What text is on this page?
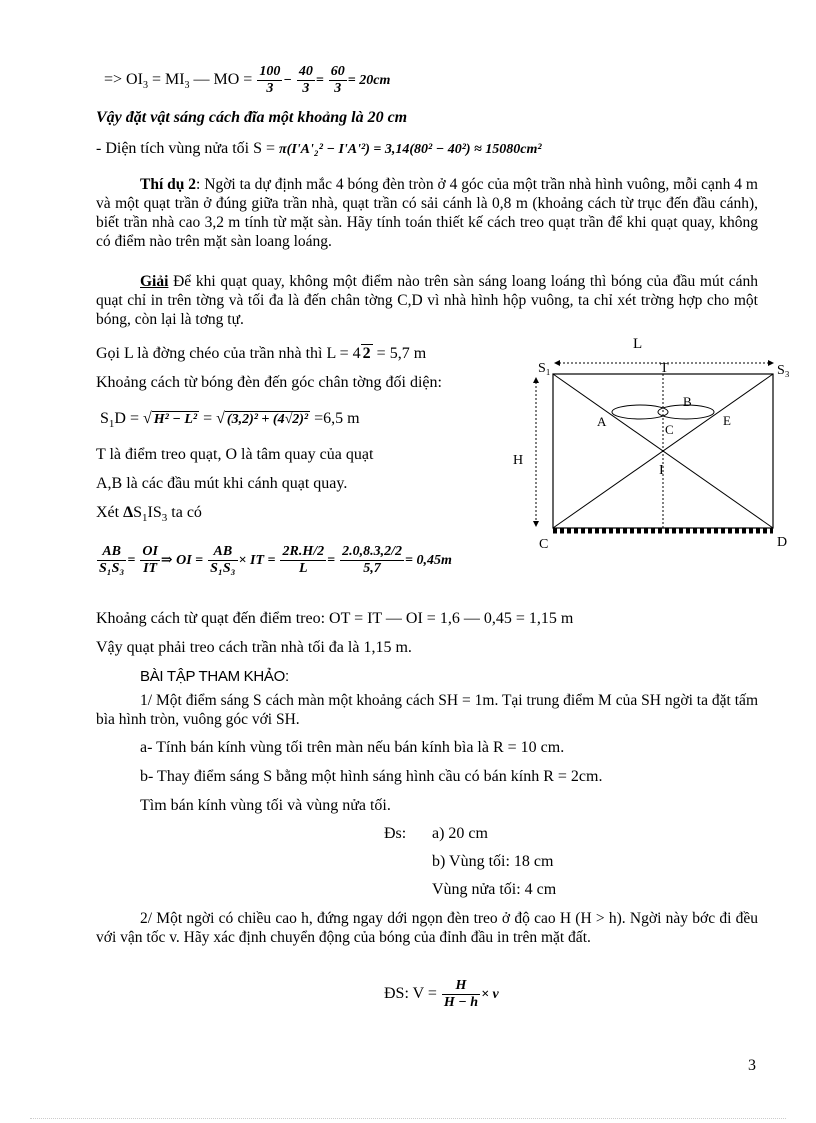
=> $OI_3 = MI_3$ — MO = $\frac{100}{3} - \frac{40}{3} = \frac{60}{3} = 20cm$
Vậy đặt vật sáng cách đĩa một khoảng là 20 cm
- Diện tích vùng nửa tối S = π(I'A'₂² − I'A'²) = 3,14(80² − 40²) ≈ 15080cm²
Thí dụ 2: Ngời ta dự định mắc 4 bóng đèn tròn ở 4 góc của một trần nhà hình vuông, mỗi cạnh 4 m và một quạt trần ở đúng giữa trần nhà, quạt trần có sải cánh là 0,8 m (khoảng cách từ trục đến đầu cánh), biết trần nhà cao 3,2 m tính từ mặt sàn. Hãy tính toán thiết kế cách treo quạt trần để khi quạt quay, không có điểm nào trên mặt sàn loang loáng.
Giải Để khi quạt quay, không một điểm nào trên sàn sáng loang loáng thì bóng của đầu mút cánh quạt chỉ in trên tờng và tối đa là đến chân tờng C,D vì nhà hình hộp vuông, ta chỉ xét trờng hợp cho một bóng, còn lại là tơng tự.
Gọi L là đờng chéo của trần nhà thì L = 4 2 = 5,7 m
Khoảng cách từ bóng đèn đến góc chân tờng đối diện:
$S_1D$ = √ H² − L² = √ (3,2)² + (4√2)² =6,5 m
T là điểm treo quạt, O là tâm quay của quạt
A,B là các đầu mút khi cánh quạt quay.
Xét $\Delta S_1IS_3$ ta có
$\frac{AB}{\text{S₁S₃}} = \frac{OI}{IT}$ ⇒ OI = $\frac{AB}{\text{S₁S₃}}$ × IT = $\frac{2R.H/2}{L} = \frac{2.0,8.3,2/2}{5,7} = 0,45m$
Khoảng cách từ quạt đến điểm treo: OT = IT — OI = 1,6 — 0,45 = 1,15 m
Vậy quạt phải treo cách trần nhà tối đa là 1,15 m.
BÀI TẬP THAM KHẢO:
1/ Một điểm sáng S cách màn một khoảng cách SH = 1m. Tại trung điểm M của SH ngời ta đặt tấm bìa hình tròn, vuông góc với SH.
a- Tính bán kính vùng tối trên màn nếu bán kính bìa là R = 10 cm.
b- Thay điểm sáng S bằng một hình sáng hình cầu có bán kính R = 2cm.
Tìm bán kính vùng tối và vùng nửa tối.
Đs: a) 20 cm
b) Vùng tối: 18 cm
Vùng nửa tối: 4 cm
2/ Một ngời có chiều cao h, đứng ngay dới ngọn đèn treo ở độ cao H (H > h). Ngời này bớc đi đều với vận tốc v. Hãy xác định chuyển động của bóng của đỉnh đầu in trên mặt đất.
ĐS: $V = \frac{H}{H - h} \times v$
3
L
S₁	S₃
T
B
A	E
C
I
H
C	D
